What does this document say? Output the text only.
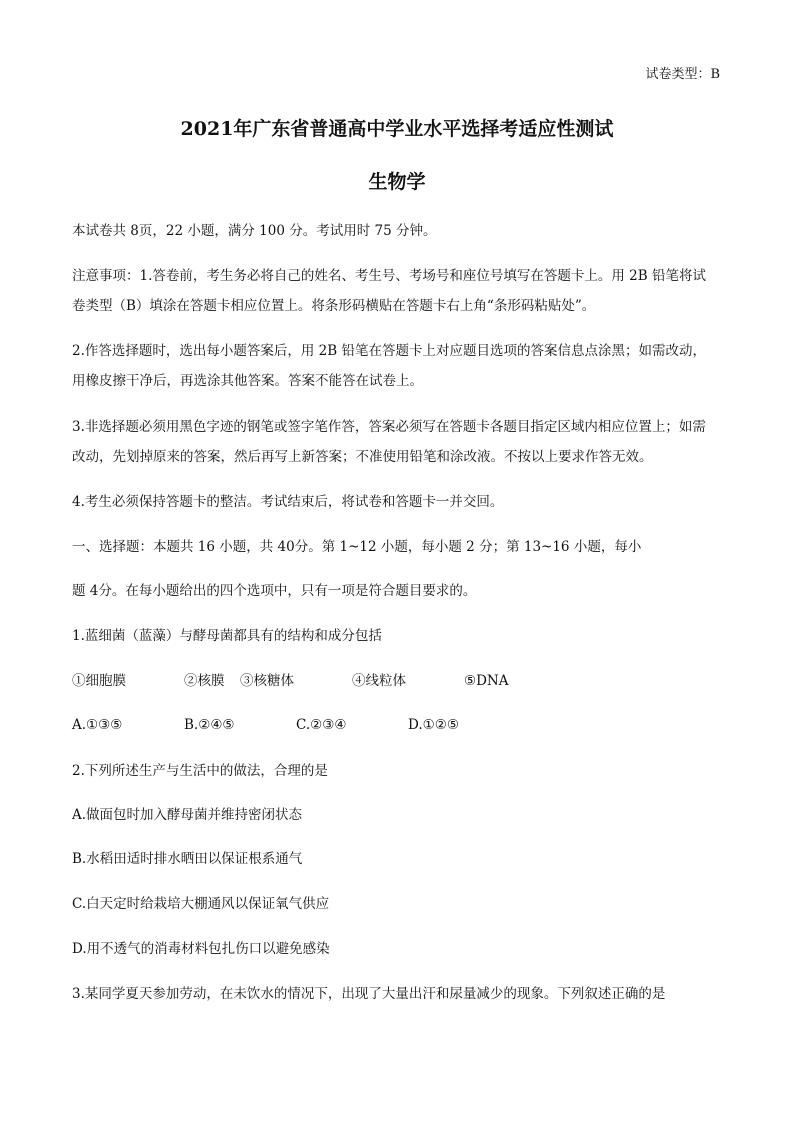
试卷类型：B
2021年广东省普通高中学业水平选择考适应性测试
生物学
本试卷共 8页，22 小题，满分 100 分。考试用时 75 分钟。
注意事项：1.答卷前，考生务必将自己的姓名、考生号、考场号和座位号填写在答题卡上。用 2B 铅笔将试
卷类型（B）填涂在答题卡相应位置上。将条形码横贴在答题卡右上角“条形码粘贴处”。
2.作答选择题时，选出每小题答案后，用 2B 铅笔在答题卡上对应题目选项的答案信息点涂黑；如需改动，
用橡皮擦干净后，再选涂其他答案。答案不能答在试卷上。
3.非选择题必须用黑色字迹的钢笔或签字笔作答，答案必须写在答题卡各题目指定区域内相应位置上；如需
改动，先划掉原来的答案，然后再写上新答案；不准使用铅笔和涂改液。不按以上要求作答无效。
4.考生必须保持答题卡的整洁。考试结束后，将试卷和答题卡一并交回。
一、选择题：本题共 16 小题，共 40分。第 1~12 小题，每小题 2 分；第 13~16 小题，每小
题 4分。在每小题给出的四个选项中，只有一项是符合题目要求的。
1.蓝细菌（蓝藻）与酵母菌都具有的结构和成分包括
①细胞膜	②核膜 ③核糖体	④线粒体	⑤DNA
A.①③⑤	B.②④⑤	C.②③④	D.①②⑤
2.下列所述生产与生活中的做法，合理的是
A.做面包时加入酵母菌并维持密闭状态
B.水稻田适时排水晒田以保证根系通气
C.白天定时给栽培大棚通风以保证氧气供应
D.用不透气的消毒材料包扎伤口以避免感染
3.某同学夏天参加劳动，在未饮水的情况下，出现了大量出汗和尿量减少的现象。下列叙述正确的是
